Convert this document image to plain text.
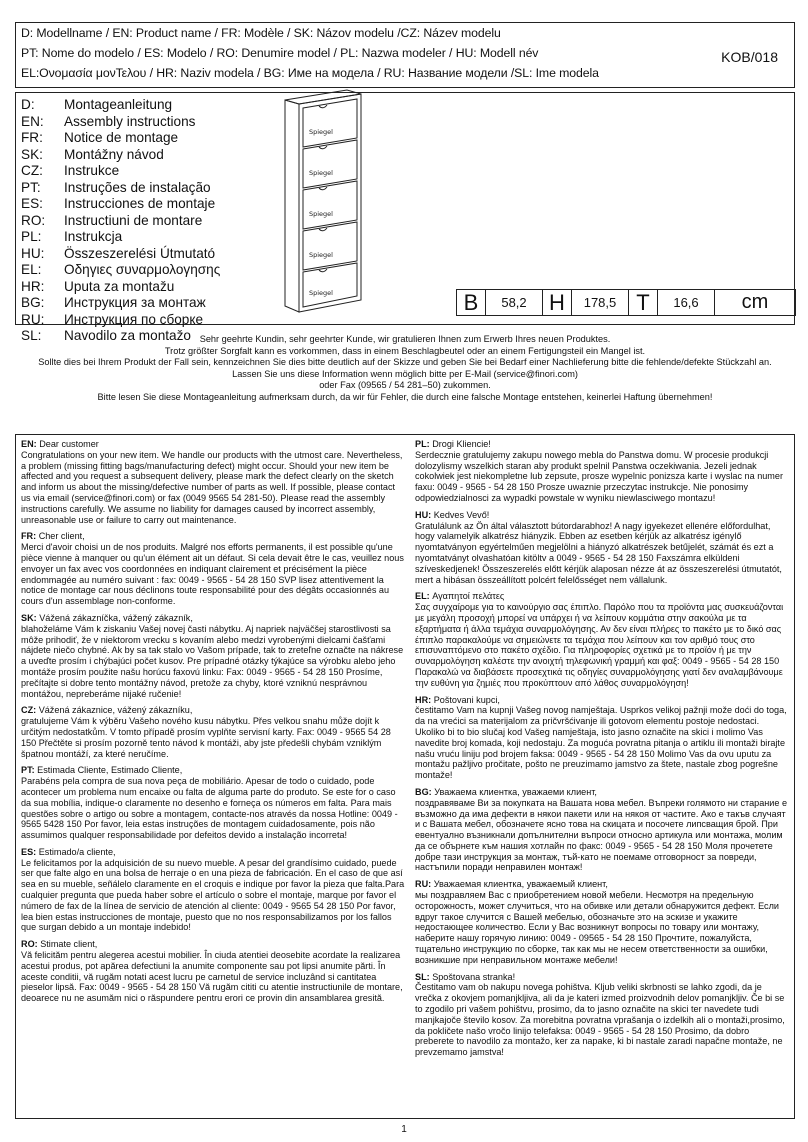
D: Modellname / EN: Product name / FR: Modèle / SK: Názov modelu /CZ: Název modelu
PT: Nome do modelo / ES: Modelo / RO: Denumire model / PL: Nazwa modeler / HU: Modell név
EL:Ονομασία μονΤελου / HR: Naziv modela / BG: Име на модела / RU: Название модели /SL: Ime modela
KOB/018
D: Montageanleitung
EN: Assembly instructions
FR: Notice de montage
SK: Montážny návod
CZ: Instrukce
PT: Instruções de instalação
ES: Instrucciones de montaje
RO: Instructiuni de montare
PL: Instrukcja
HU: Összeszerelési Útmutató
EL: Οδηγιες συναρμολογησης
HR: Uputa za montažu
BG: Инструкция за монтаж
RU: Инструкция по сборке
SL: Navodilo za montažo
Spiegel
Spiegel
Spiegel
Spiegel
Spiegel	B	58,2	H	178,5 T	16,6	cm
Sehr geehrte Kundin, sehr geehrter Kunde, wir gratulieren Ihnen zum Erwerb Ihres neuen Produktes.
Trotz größter Sorgfalt kann es vorkommen, dass in einem Beschlagbeutel oder an einem Fertigungsteil ein Mangel ist.
Sollte dies bei Ihrem Produkt der Fall sein, kennzeichnen Sie dies bitte deutlich auf der Skizze und geben Sie bei Bedarf einer Nachlieferung bitte die fehlende/defekte Stückzahl an.
Lassen Sie uns diese Information wenn möglich bitte per E-Mail (service@finori.com)
oder Fax (09565 / 54 281–50) zukommen.
Bitte lesen Sie diese Montageanleitung aufmerksam durch, da wir für Fehler, die durch eine falsche Montage entstehen, keinerlei Haftung übernehmen!

EN: Dear customer

Congratulations on your new item. We handle our products with the utmost care. Nevertheless, a problem (missing fitting bags/manufacturing defect) might occur. Should your new item be affected and you request a subsequent delivery, please mark the defect clearly on the sketch and inform us about the missing/defective number of parts as well. If possible, please contact us via email (service@finori.com) or fax (0049 9565 54 281-50). Please read the assembly instructions carefully. We assume no liability for damages caused by incorrect assembly, unreasonable use or failure to carry out maintenance.

FR: Cher client,

Merci d'avoir choisi un de nos produits. Malgré nos efforts permanents, il est possible qu'une pièce vienne à manquer ou qu'un élément ait un défaut. Si cela devait être le cas, veuillez nous envoyer un fax avec vos coordonnées en indiquant clairement et précisément la pièce endommagée au numéro suivant : fax: 0049 - 9565 - 54 28 150 SVP lisez attentivement la notice de montage car nous déclinons toute responsabilité pour des dégâts occasionnés au cours d'un assemblage non-conforme.

SK: Vážená zákazníčka, vážený zákazník,

blahoželáme Vám k ziskaniu Vašej novej časti nábytku. Aj napriek najväčšej starostlivosti sa môže prihodiť, že v niektorom vrecku s kovaním alebo medzi vyrobenými dielcami čašťami nájdete niečo chybné. Ak by sa tak stalo vo Vašom prípade, tak to zreteľne označte na nákrese a uveďte prosím i chýbajúci počet kusov. Pre prípadné otázky týkajúce sa výrobku alebo jeho montáže prosím použite našu horúcu faxovú linku: Fax: 0049 - 9565 - 54 28 150 Prosíme, prečítajte si dobre tento montážny návod, pretože za chyby, ktoré vzniknú nesprávnou montážou, nepreberáme nijaké ručenie!

CZ: Vážená zákaznice, vážený zákazníku,

gratulujeme Vám k výběru Vašeho nového kusu nábytku. Přes velkou snahu může dojít k určitým nedostatkům. V tomto případě prosím vyplňte servisní karty. Fax: 0049 - 9565 54 28 150 Přečtěte si prosím pozorně tento návod k montáži, aby jste předešli chybám vzniklým špatnou montáží, za které neručíme.

PT: Estimada Cliente, Estimado Cliente,

Parabéns pela compra de sua nova peça de mobiliário. Apesar de todo o cuidado, pode acontecer um problema num encaixe ou falta de alguma parte do produto. Se este for o caso da sua mobília, indique-o claramente no desenho e forneça os números em falta. Para mais questões sobre o artigo ou sobre a montagem, contacte-nos através da nossa Hotline: 0049 - 9565 5428 150 Por favor, leia estas instruções de montagem cuidadosamente, pois não assumimos qualquer responsabilidade por defeitos devido a instalação incorreta!

ES: Estimado/a cliente,

Le felicitamos por la adquisición de su nuevo mueble. A pesar del grandísimo cuidado, puede ser que falte algo en una bolsa de herraje o en una pieza de fabricación. En el caso de que así sea en su mueble, señálelo claramente en el croquis e indique por favor la pieza que falta.Para cualquier pregunta que pueda haber sobre el artículo o sobre el montaje, marque por favor el número de fax de la línea de servicio de atención al cliente: 0049 - 9565 54 28 150 Por favor, lea bien estas instrucciones de montaje, puesto que no nos responsabilizamos por los fallos que surgan debido a un montaje indebido!

RO: Stimate client,

Vă felicităm pentru alegerea acestui mobilier. În ciuda atentiei deosebite acordate la realizarea acestui produs, pot apărea defectiuni la anumite componente sau pot lipsi anumite părti. În aceste conditii, vă rugăm notati acest lucru pe carnetul de service incluzând si cantitatea pieselor lipsă. Fax: 0049 - 9565 - 54 28 150 Vă rugăm cititi cu atentie instructiunile de montare, deoarece nu ne asumăm nici o răspundere pentru erori ce provin din ansamblarea gresită.

PL: Drogi Kliencie!

Serdecznie gratulujemy zakupu nowego mebla do Panstwa domu. W procesie produkcji dolozylismy wszelkich staran aby produkt spelnil Panstwa oczekiwania. Jezeli jednak cokolwiek jest niekompletne lub zepsute, prosze wypelnic ponizsza karte i wyslac na numer faxu: 0049 - 9565 - 54 28 150 Prosze uwaznie przeczytac instrukcje. Nie ponosimy odpowiedzialnosci za wypadki powstale w wyniku niewlasciwego montazu!

HU: Kedves Vevő!

Gratulálunk az Ön által választott bútordarabhoz! A nagy igyekezet ellenére előfordulhat, hogy valamelyik alkatrész hiányzik. Ebben az esetben kérjük az alkatrész igénylő nyomtatványon egyértelműen megjelölni a hiányzó alkatrészek betűjelét, számát és ezt a nyomtatványt olvashatóan kitöltv a 0049 - 9565 - 54 28 150 Faxszámra elküldeni szíveskedjenek! Összeszerelés előtt kérjük alaposan nézze át az összeszerelési útmutatót, mert a hibásan összeállított polcért felelősséget nem vállalunk.

EL: Αγαπητοί πελάτες

Σας συγχαίρομε για το καινούργιο σας έπιπλο. Παρόλο που τα προϊόντα μας συσκευάζονται με μεγάλη προσοχή μπορεί να υπάρχει ή να λείπουν κομμάτια στην σακούλα με τα εξαρτήματα ή άλλα τεμάχια συναρμολόγησης. Αν δεν είναι πλήρες το πακέτο με το δικό σας έπιπλο παρακαλούμε να σημειώνετε τα τεμάχια που λείπουν και τον αριθμό τους στο επισυναπτόμενο στο πακέτο σχέδιο. Για πληροφορίες σχετικά με το προϊόν ή με την συναρμολόγηση καλέστε την ανοιχτή τηλεφωνική γραμμή και φαξ: 0049 - 9565 - 54 28 150 Παρακαλώ να διαβάσετε προσεχτικά τις οδηγίες συναρμολόγησης γιατί δεν αναλαμβάνουμε την ευθύνη για ζημιές που προκύπτουν από λάθος συναρμολόγηση!

HR: Poštovani kupci,

čestitamo Vam na kupnji Vašeg novog namještaja. Usprkos velikoj pažnji može doći do toga, da na vrećici sa materijalom za pričvršćivanje ili gotovom elementu postoje nedostaci. Ukoliko bi to bio slučaj kod Vašeg namještaja, isto jasno označite na skici i molimo Vas navedite broj komada, koji nedostaju. Za moguća povratna pitanja o artiklu ili montaži birajte našu vruću liniju pod brojem faksa: 0049 - 9565 - 54 28 150 Molimo Vas da ovu uputu za montažu pažljivo pročitate, pošto ne preuzimamo jamstvo za štete, nastale zbog pogrešne montaže!

BG: Уважаема клиентка, уважаеми клиент,

поздравяваме Ви за покупката на Вашата нова мебел. Въпреки голямото ни старание е възможно да има дефекти в някои пакети или на някоя от частите. Ако е такъв случаят и с Вашата мебел, обозначете ясно това на скицата и посочете липсващия брой. При евентуално възникнали допълнителни въпроси относно артикула или монтажа, молим да се обърнете към нашия хотлайн по факс: 0049 - 9565 - 54 28 150 Моля прочетете добре тази инструкция за монтаж, тъй-като не поемаме отговорност за повреди, настъпили поради неправилен монтаж!

RU: Уважаемая клиентка, уважаемый клиент,

мы поздравляем Вас с приобретением новой мебели. Несмотря на предельную осторожность, может случиться, что на обивке или детали обнаружится дефект. Если вдруг такое случится с Вашей мебелью, обозначьте это на эскизе и укажите недостающее количество. Если у Вас возникнут вопросы по товару или монтажу, наберите нашу горячую линию: 0049 - 09565 - 54 28 150 Прочтите, пожалуйста, тщательно инструкцию по сборке, так как мы не несем ответственности за ошибки, возникшие при неправильном монтаже мебели!

SL: Spoštovana stranka!

Čestitamo vam ob nakupu novega pohištva. Kljub veliki skrbnosti se lahko zgodi, da je vrečka z okovjem pomanjkljiva, ali da je kateri izmed proizvodnih delov pomanjkljiv. Če bi se to zgodilo pri vašem pohištvu, prosimo, da to jasno označite na skici ter navedete tudi manjkajoče število kosov. Za morebitna povratna vprašanja o izdelkih ali o montaži,prosimo, da pokličete našo vročo linijo telefaksa: 0049 - 9565 - 54 28 150 Prosimo, da dobro preberete to navodilo za montažo, ker za napake, ki bi nastale zaradi napačne montaže, ne prevzemamo jamstva!

1
